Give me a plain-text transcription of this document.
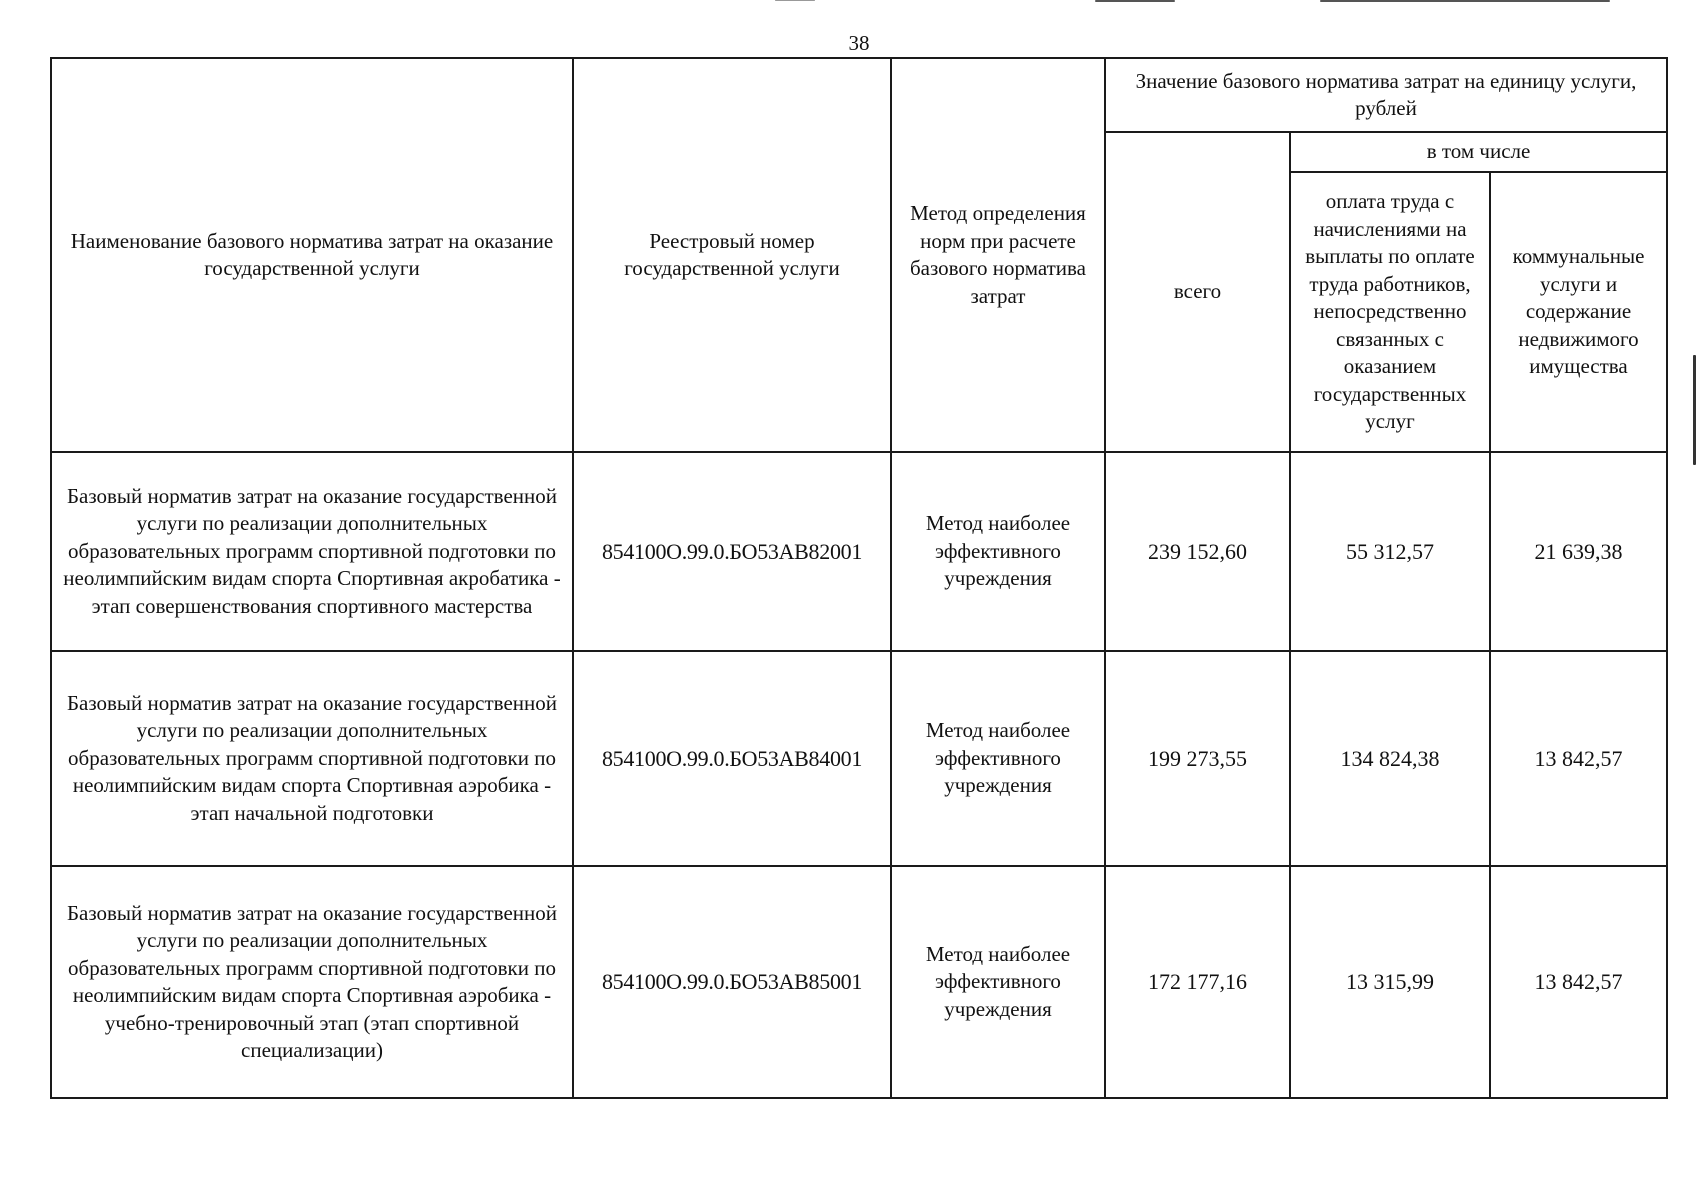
38
Наименование базового норматива затрат на оказание государственной услуги	Реестровый номер государственной услуги	Метод определения норм при расчете базового норматива затрат	Значение базового норматива затрат на единицу услуги, рублей		
			всего	в том числе	
				оплата труда с начислениями на выплаты по оплате труда работников, непосредственно связанных с оказанием государственных услуг	коммунальные услуги и содержание недвижимого имущества
Базовый норматив затрат на оказание государственной услуги по реализации дополнительных образовательных программ спортивной подготовки по неолимпийским видам спорта Спортивная акробатика - этап совершенствования спортивного мастерства	854100О.99.0.БО53АВ82001	Метод наиболее эффективного учреждения	239 152,60	55 312,57	21 639,38
Базовый норматив затрат на оказание государственной услуги по реализации дополнительных образовательных программ спортивной подготовки по неолимпийским видам спорта Спортивная аэробика - этап начальной подготовки	854100О.99.0.БО53АВ84001	Метод наиболее эффективного учреждения	199 273,55	134 824,38	13 842,57
Базовый норматив затрат на оказание государственной услуги по реализации дополнительных образовательных программ спортивной подготовки по неолимпийским видам спорта Спортивная аэробика - учебно-тренировочный этап (этап спортивной специализации)	854100О.99.0.БО53АВ85001	Метод наиболее эффективного учреждения	172 177,16	13 315,99	13 842,57
